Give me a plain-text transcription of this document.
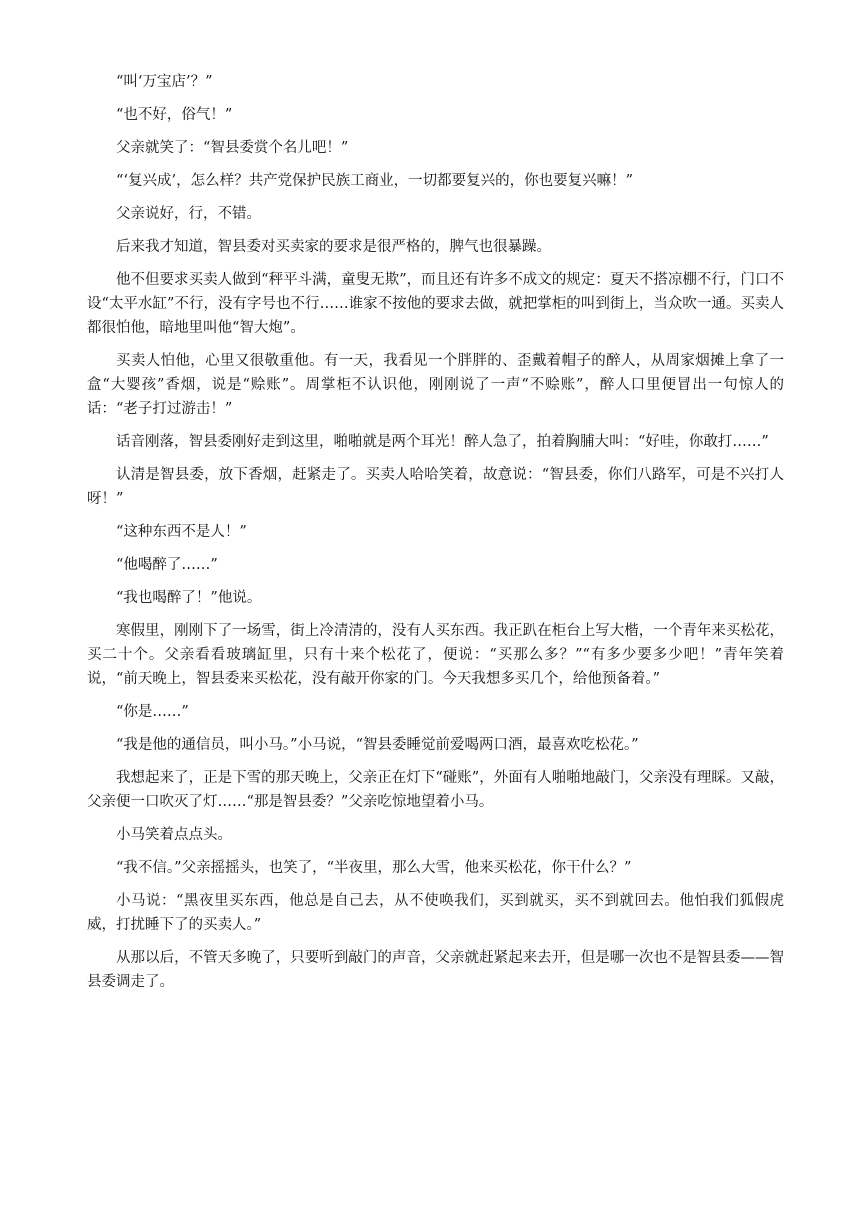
“叫‘万宝店’？”

“也不好，俗气！”

父亲就笑了：“智县委赏个名儿吧！”

“‘复兴成’，怎么样？共产党保护民族工商业，一切都要复兴的，你也要复兴嘛！”

父亲说好，行，不错。

后来我才知道，智县委对买卖家的要求是很严格的，脾气也很暴躁。

他不但要求买卖人做到“秤平斗满，童叟无欺”，而且还有许多不成文的规定：夏天不搭凉棚不行，门口不设“太平水缸”不行，没有字号也不行……谁家不按他的要求去做，就把掌柜的叫到街上，当众吹一通。买卖人都很怕他，暗地里叫他“智大炮”。

买卖人怕他，心里又很敬重他。有一天，我看见一个胖胖的、歪戴着帽子的醉人，从周家烟摊上拿了一盒“大婴孩”香烟，说是“赊账”。周掌柜不认识他，刚刚说了一声“不赊账”，醉人口里便冒出一句惊人的话：“老子打过游击！”

话音刚落，智县委刚好走到这里，啪啪就是两个耳光！醉人急了，拍着胸脯大叫：“好哇，你敢打……”

认清是智县委，放下香烟，赶紧走了。买卖人哈哈笑着，故意说：“智县委，你们八路军，可是不兴打人呀！”

“这种东西不是人！”

“他喝醉了……”

“我也喝醉了！”他说。

寒假里，刚刚下了一场雪，街上冷清清的，没有人买东西。我正趴在柜台上写大楷，一个青年来买松花，买二十个。父亲看看玻璃缸里，只有十来个松花了，便说：“买那么多？”“有多少要多少吧！”青年笑着说，“前天晚上，智县委来买松花，没有敲开你家的门。今天我想多买几个，给他预备着。”

“你是……”

“我是他的通信员，叫小马。”小马说，“智县委睡觉前爱喝两口酒，最喜欢吃松花。”

我想起来了，正是下雪的那天晚上，父亲正在灯下“碰账”，外面有人啪啪地敲门，父亲没有理睬。又敲，父亲便一口吹灭了灯……“那是智县委？”父亲吃惊地望着小马。

小马笑着点点头。

“我不信。”父亲摇摇头，也笑了，“半夜里，那么大雪，他来买松花，你干什么？”

小马说：“黑夜里买东西，他总是自己去，从不使唤我们，买到就买，买不到就回去。他怕我们狐假虎威，打扰睡下了的买卖人。”

从那以后，不管天多晚了，只要听到敲门的声音，父亲就赶紧起来去开，但是哪一次也不是智县委——智县委调走了。
